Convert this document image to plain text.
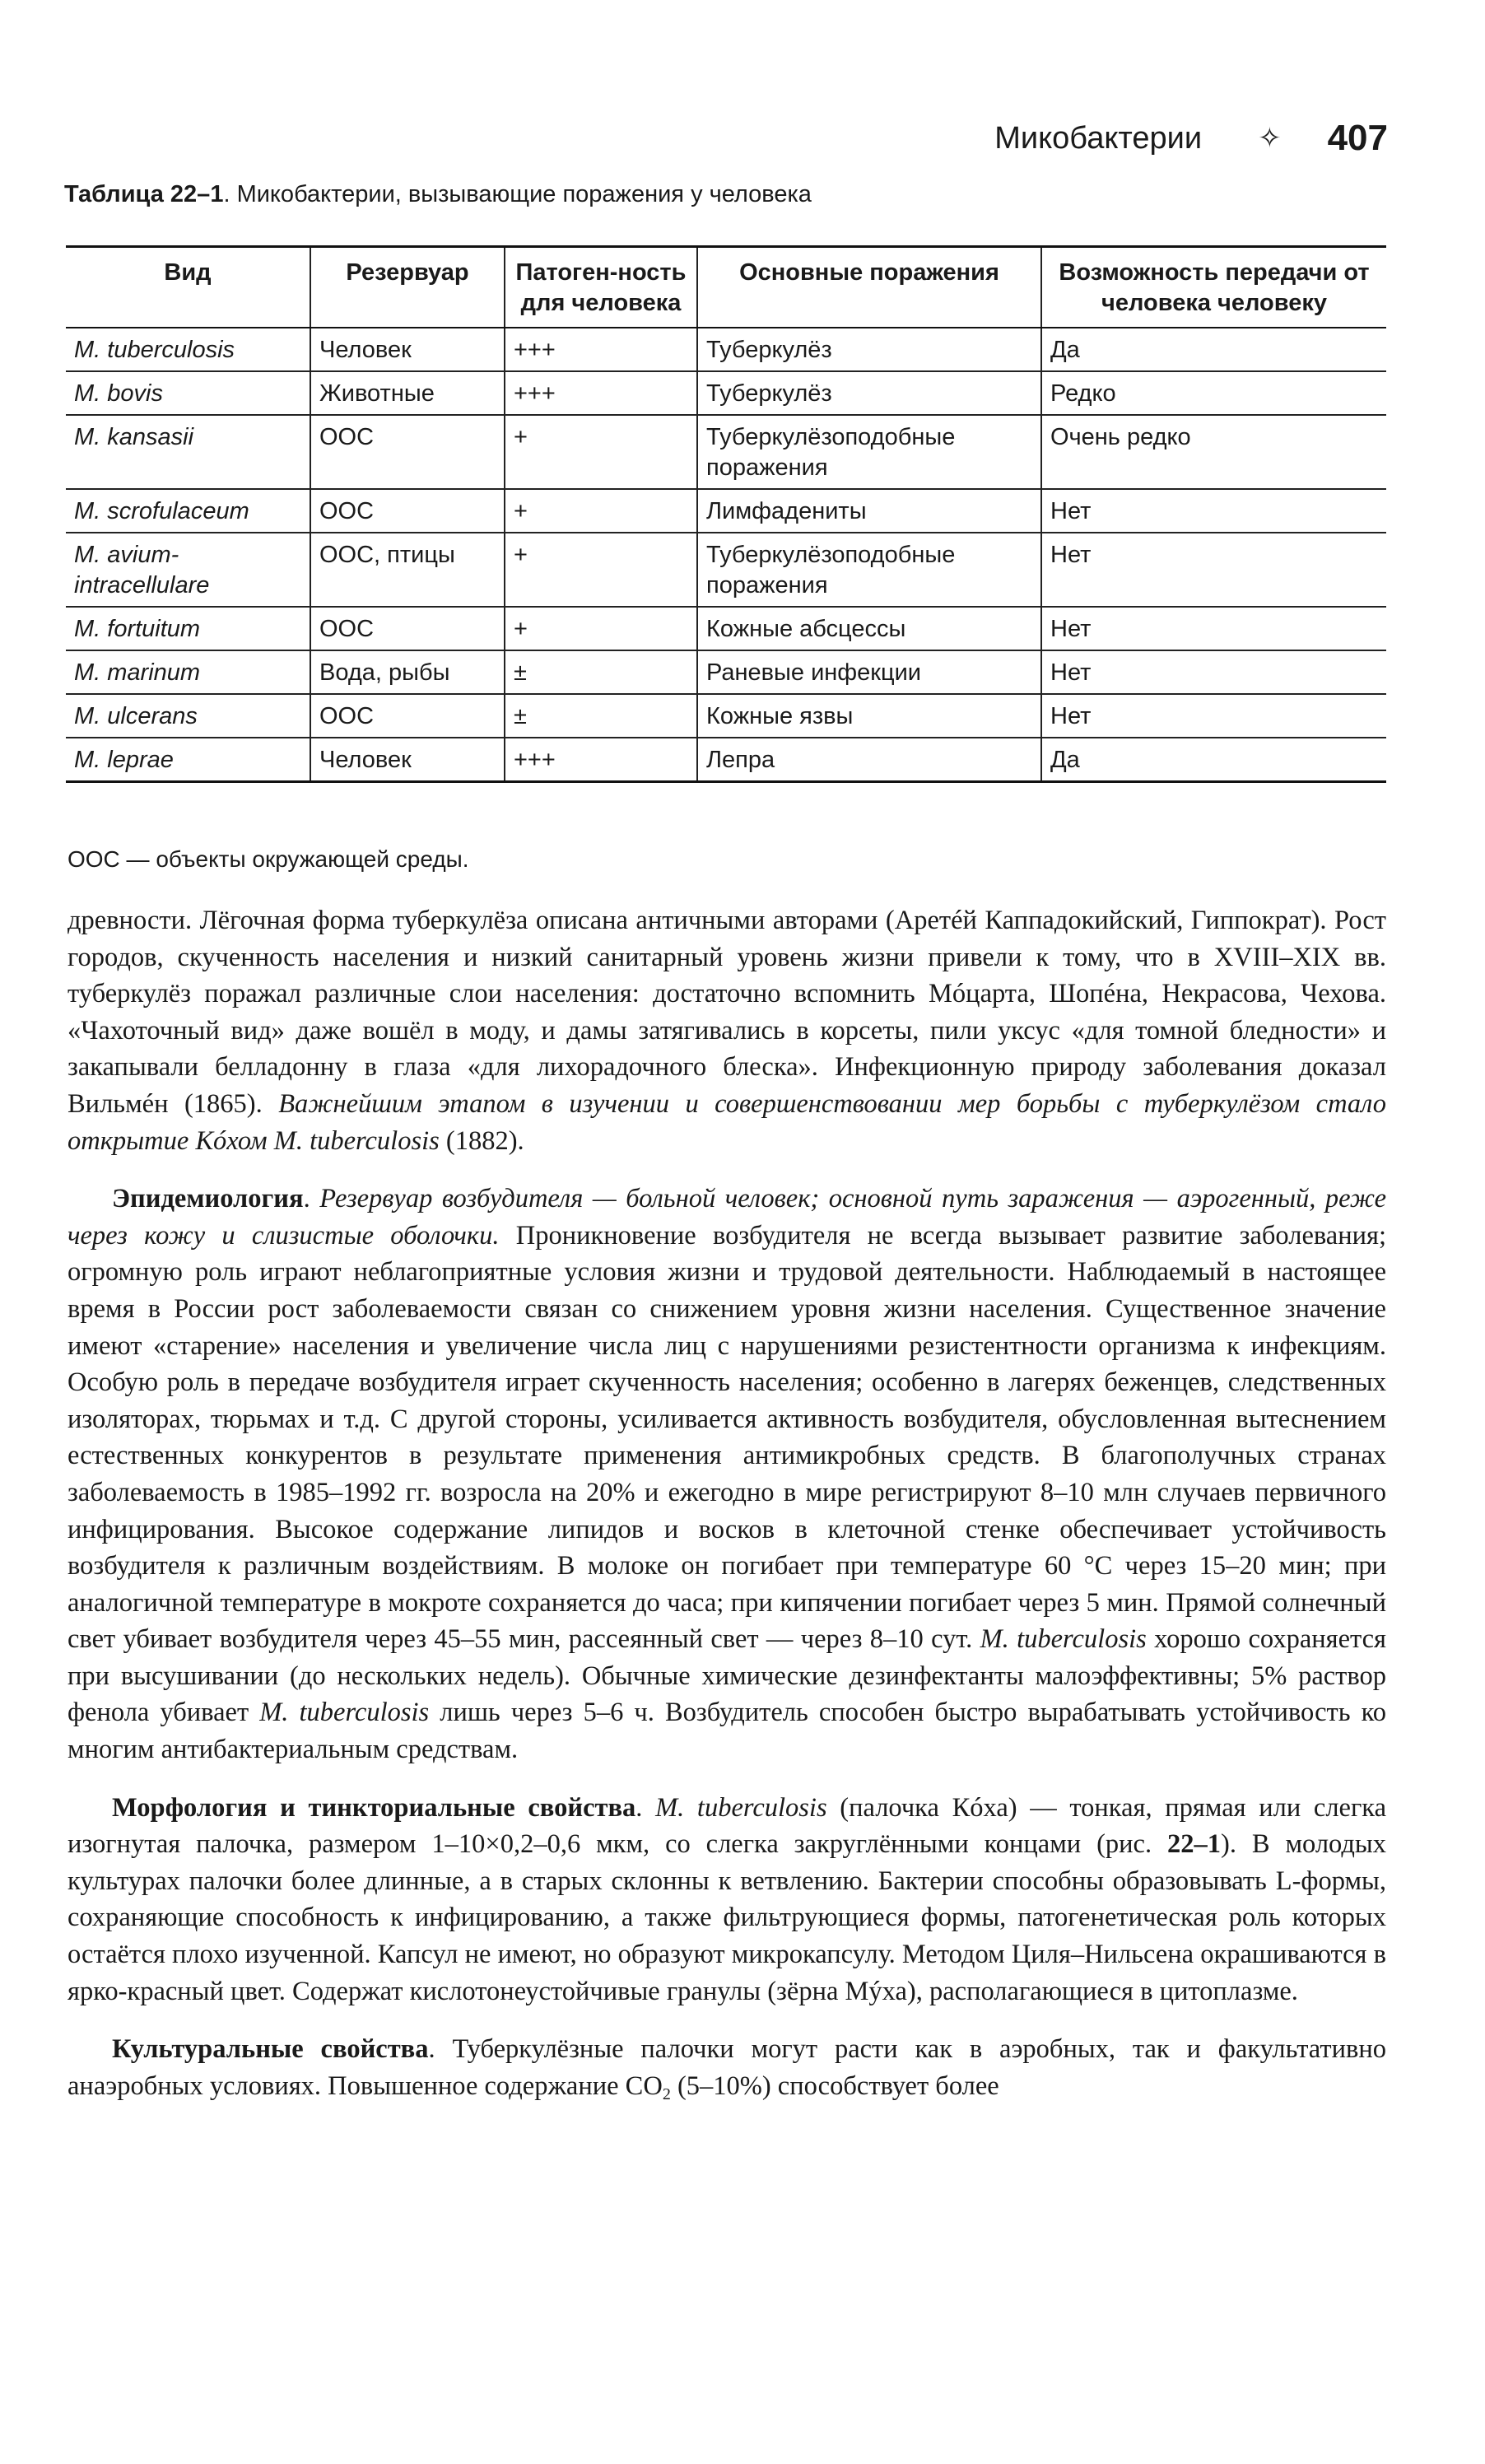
Микобактерии ✧ 407
Таблица 22–1. Микобактерии, вызывающие поражения у человека
Вид	Резервуар	Патоген-ность для человека	Основные поражения	Возможность передачи от человека человеку
M. tuberculosis	Человек	+++	Туберкулёз	Да
M. bovis	Животные	+++	Туберкулёз	Редко
M. kansasii	ООС	+	Туберкулёзоподобные поражения	Очень редко
M. scrofulaceum	ООС	+	Лимфадениты	Нет
M. avium-intracellulare	ООС, птицы	+	Туберкулёзоподобные поражения	Нет
M. fortuitum	ООС	+	Кожные абсцессы	Нет
M. marinum	Вода, рыбы	±	Раневые инфекции	Нет
M. ulcerans	ООС	±	Кожные язвы	Нет
M. leprae	Человек	+++	Лепра	Да
ООС — объекты окружающей среды.

древности. Лёгочная форма туберкулёза описана античными авторами (Аретéй Каппадокийский, Гиппократ). Рост городов, скученность населения и низкий санитарный уровень жизни привели к тому, что в XVIII–XIX вв. туберкулёз поражал различные слои населения: достаточно вспомнить Мóцарта, Шопéна, Некрасова, Чехова. «Чахоточный вид» даже вошёл в моду, и дамы затягивались в корсеты, пили уксус «для томной бледности» и закапывали белладонну в глаза «для лихорадочного блеска». Инфекционную природу заболевания доказал Вильмéн (1865). Важнейшим этапом в изучении и совершенствовании мер борьбы с туберкулёзом стало открытие Кóхом M. tuberculosis (1882).

Эпидемиология. Резервуар возбудителя — больной человек; основной путь заражения — аэрогенный, реже через кожу и слизистые оболочки. Проникновение возбудителя не всегда вызывает развитие заболевания; огромную роль играют неблагоприятные условия жизни и трудовой деятельности. Наблюдаемый в настоящее время в России рост заболеваемости связан со снижением уровня жизни населения. Существенное значение имеют «старение» населения и увеличение числа лиц с нарушениями резистентности организма к инфекциям. Особую роль в передаче возбудителя играет скученность населения; особенно в лагерях беженцев, следственных изоляторах, тюрьмах и т.д. С другой стороны, усиливается активность возбудителя, обусловленная вытеснением естественных конкурентов в результате применения антимикробных средств. В благополучных странах заболеваемость в 1985–1992 гг. возросла на 20% и ежегодно в мире регистрируют 8–10 млн случаев первичного инфицирования. Высокое содержание липидов и восков в клеточной стенке обеспечивает устойчивость возбудителя к различным воздействиям. В молоке он погибает при температуре 60 °С через 15–20 мин; при аналогичной температуре в мокроте сохраняется до часа; при кипячении погибает через 5 мин. Прямой солнечный свет убивает возбудителя через 45–55 мин, рассеянный свет — через 8–10 сут. M. tuberculosis хорошо сохраняется при высушивании (до нескольких недель). Обычные химические дезинфектанты малоэффективны; 5% раствор фенола убивает M. tuberculosis лишь через 5–6 ч. Возбудитель способен быстро вырабатывать устойчивость ко многим антибактериальным средствам.

Морфология и тинкториальные свойства. M. tuberculosis (палочка Кóха) — тонкая, прямая или слегка изогнутая палочка, размером 1–10×0,2–0,6 мкм, со слегка закруглёнными концами (рис. 22–1). В молодых культурах палочки более длинные, а в старых склонны к ветвлению. Бактерии способны образовывать L-формы, сохраняющие способность к инфицированию, а также фильтрующиеся формы, патогенетическая роль которых остаётся плохо изученной. Капсул не имеют, но образуют микрокапсулу. Методом Циля–Нильсена окрашиваются в ярко-красный цвет. Содержат кислотонеустойчивые гранулы (зёрна Мýха), располагающиеся в цитоплазме.

Культуральные свойства. Туберкулёзные палочки могут расти как в аэробных, так и факультативно анаэробных условиях. Повышенное содержание $СО_2$ (5–10%) способствует более
